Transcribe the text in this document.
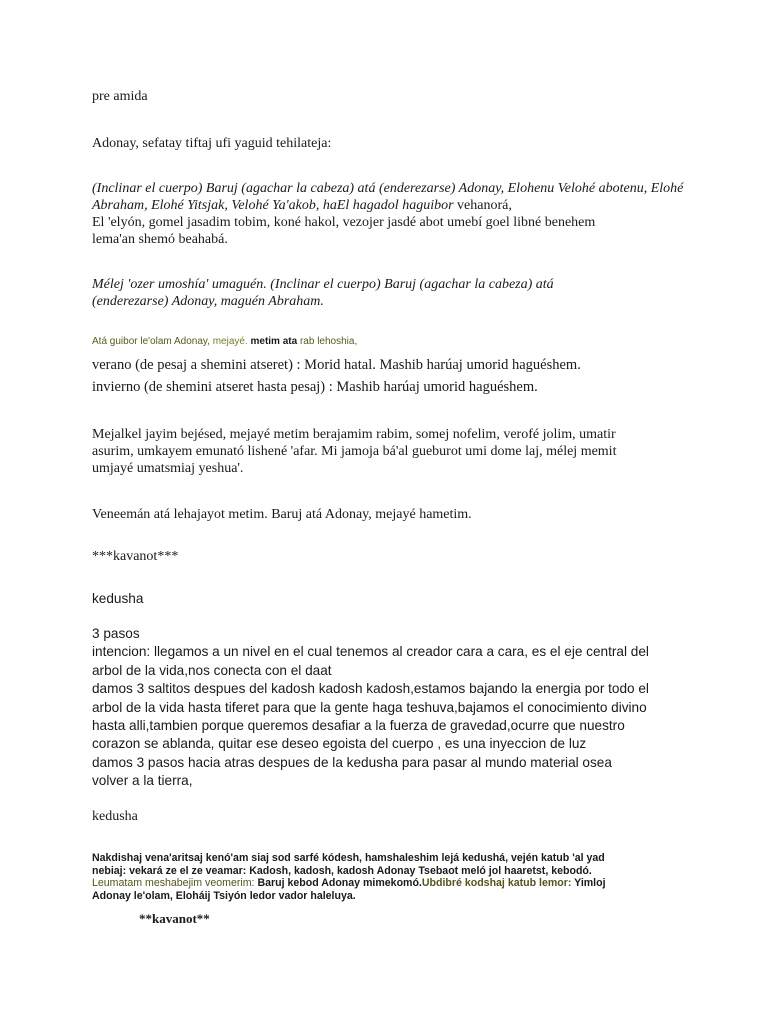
pre amida

Adonay, sefatay tiftaj ufi yaguid tehilateja:

(Inclinar el cuerpo) Baruj (agachar la cabeza) atá (enderezarse) Adonay, Elohenu Velohé abotenu, Elohé Abraham, Elohé Yitsjak, Velohé Ya'akob, haEl hagadol haguibor vehanorá,
El 'elyón, gomel jasadim tobim, koné hakol, vezojer jasdé abot umebí goel libné benehem
lema'an shemó beahabá.

Mélej 'ozer umoshía' umaguén. (Inclinar el cuerpo) Baruj (agachar la cabeza) atá
(enderezarse) Adonay, maguén Abraham.

Atá guibor le'olam Adonay, mejayé. metim ata rab lehoshia,

verano (de pesaj a shemini atseret) : Morid hatal. Mashib harúaj umorid haguéshem.

invierno (de shemini atseret hasta pesaj) : Mashib harúaj umorid haguéshem.

Mejalkel jayim bejésed, mejayé metim berajamim rabim, somej nofelim, verofé jolim, umatir
asurim, umkayem emunató lishené 'afar. Mi jamoja bá'al gueburot umi dome laj, mélej memit
umjayé umatsmiaj yeshua'.

Veneemán atá lehajayot metim. Baruj atá Adonay, mejayé hametim.

***kavanot***

kedusha

3 pasos
intencion: llegamos a un nivel en el cual tenemos al creador cara a cara, es el eje central del
arbol de la vida,nos conecta con el daat
damos 3 saltitos despues del kadosh kadosh kadosh,estamos bajando la energia por todo el
arbol de la vida hasta tiferet para que la gente haga teshuva,bajamos el conocimiento divino
hasta alli,tambien porque queremos desafiar a la fuerza de gravedad,ocurre que nuestro
corazon se ablanda, quitar ese deseo egoista del cuerpo , es una inyeccion de luz
damos 3 pasos hacia atras despues de la kedusha para pasar al mundo material osea
volver a la tierra,

kedusha

Nakdishaj vena'aritsaj kenó'am siaj sod sarfé kódesh, hamshaleshim lejá kedushá, vején katub 'al yad
nebiaj: vekará ze el ze veamar: Kadosh, kadosh, kadosh Adonay Tsebaot meló jol haaretst, kebodó.
Leumatam meshabejim veomerim: Baruj kebod Adonay mimekomó.Ubdibré kodshaj katub lemor: Yimloj
Adonay le'olam, Eloháij Tsiyón ledor vador haleluya.

**kavanot**
